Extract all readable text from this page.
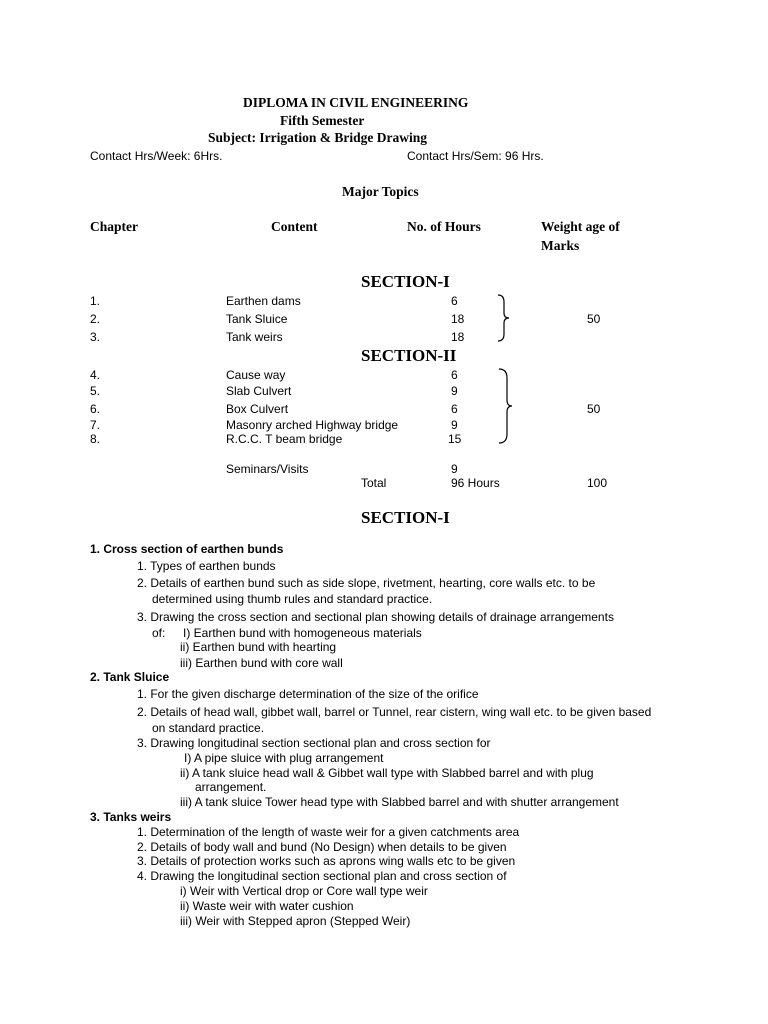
DIPLOMA IN CIVIL ENGINEERING
Fifth Semester
Subject: Irrigation & Bridge Drawing
Contact Hrs/Week: 6Hrs.	Contact Hrs/Sem: 96 Hrs.
Major Topics
Chapter	Content	No. of Hours	Weight age of
Marks
SECTION-I
1.	Earthen dams	6
2.	Tank Sluice	18
3.	Tank weirs	18
50
SECTION-II
4.	Cause way	6
5.	Slab Culvert	9
6.	Box Culvert	6
7.	Masonry arched Highway bridge	9
8.	R.C.C. T beam bridge	15
50
Seminars/Visits	9
Total	96 Hours	100
SECTION-I
1. Cross section of earthen bunds
1. Types of earthen bunds
2. Details of earthen bund such as side slope, rivetment, hearting, core walls etc. to be
determined using thumb rules and standard practice.
3. Drawing the cross section and sectional plan showing details of drainage arrangements
of: I) Earthen bund with homogeneous materials
ii) Earthen bund with hearting
iii) Earthen bund with core wall
2. Tank Sluice
1. For the given discharge determination of the size of the orifice
2. Details of head wall, gibbet wall, barrel or Tunnel, rear cistern, wing wall etc. to be given based
on standard practice.
3. Drawing longitudinal section sectional plan and cross section for
I) A pipe sluice with plug arrangement
ii) A tank sluice head wall & Gibbet wall type with Slabbed barrel and with plug
arrangement.
iii) A tank sluice Tower head type with Slabbed barrel and with shutter arrangement
3. Tanks weirs
1. Determination of the length of waste weir for a given catchments area
2. Details of body wall and bund (No Design) when details to be given
3. Details of protection works such as aprons wing walls etc to be given
4. Drawing the longitudinal section sectional plan and cross section of
i) Weir with Vertical drop or Core wall type weir
ii) Waste weir with water cushion
iii) Weir with Stepped apron (Stepped Weir)
